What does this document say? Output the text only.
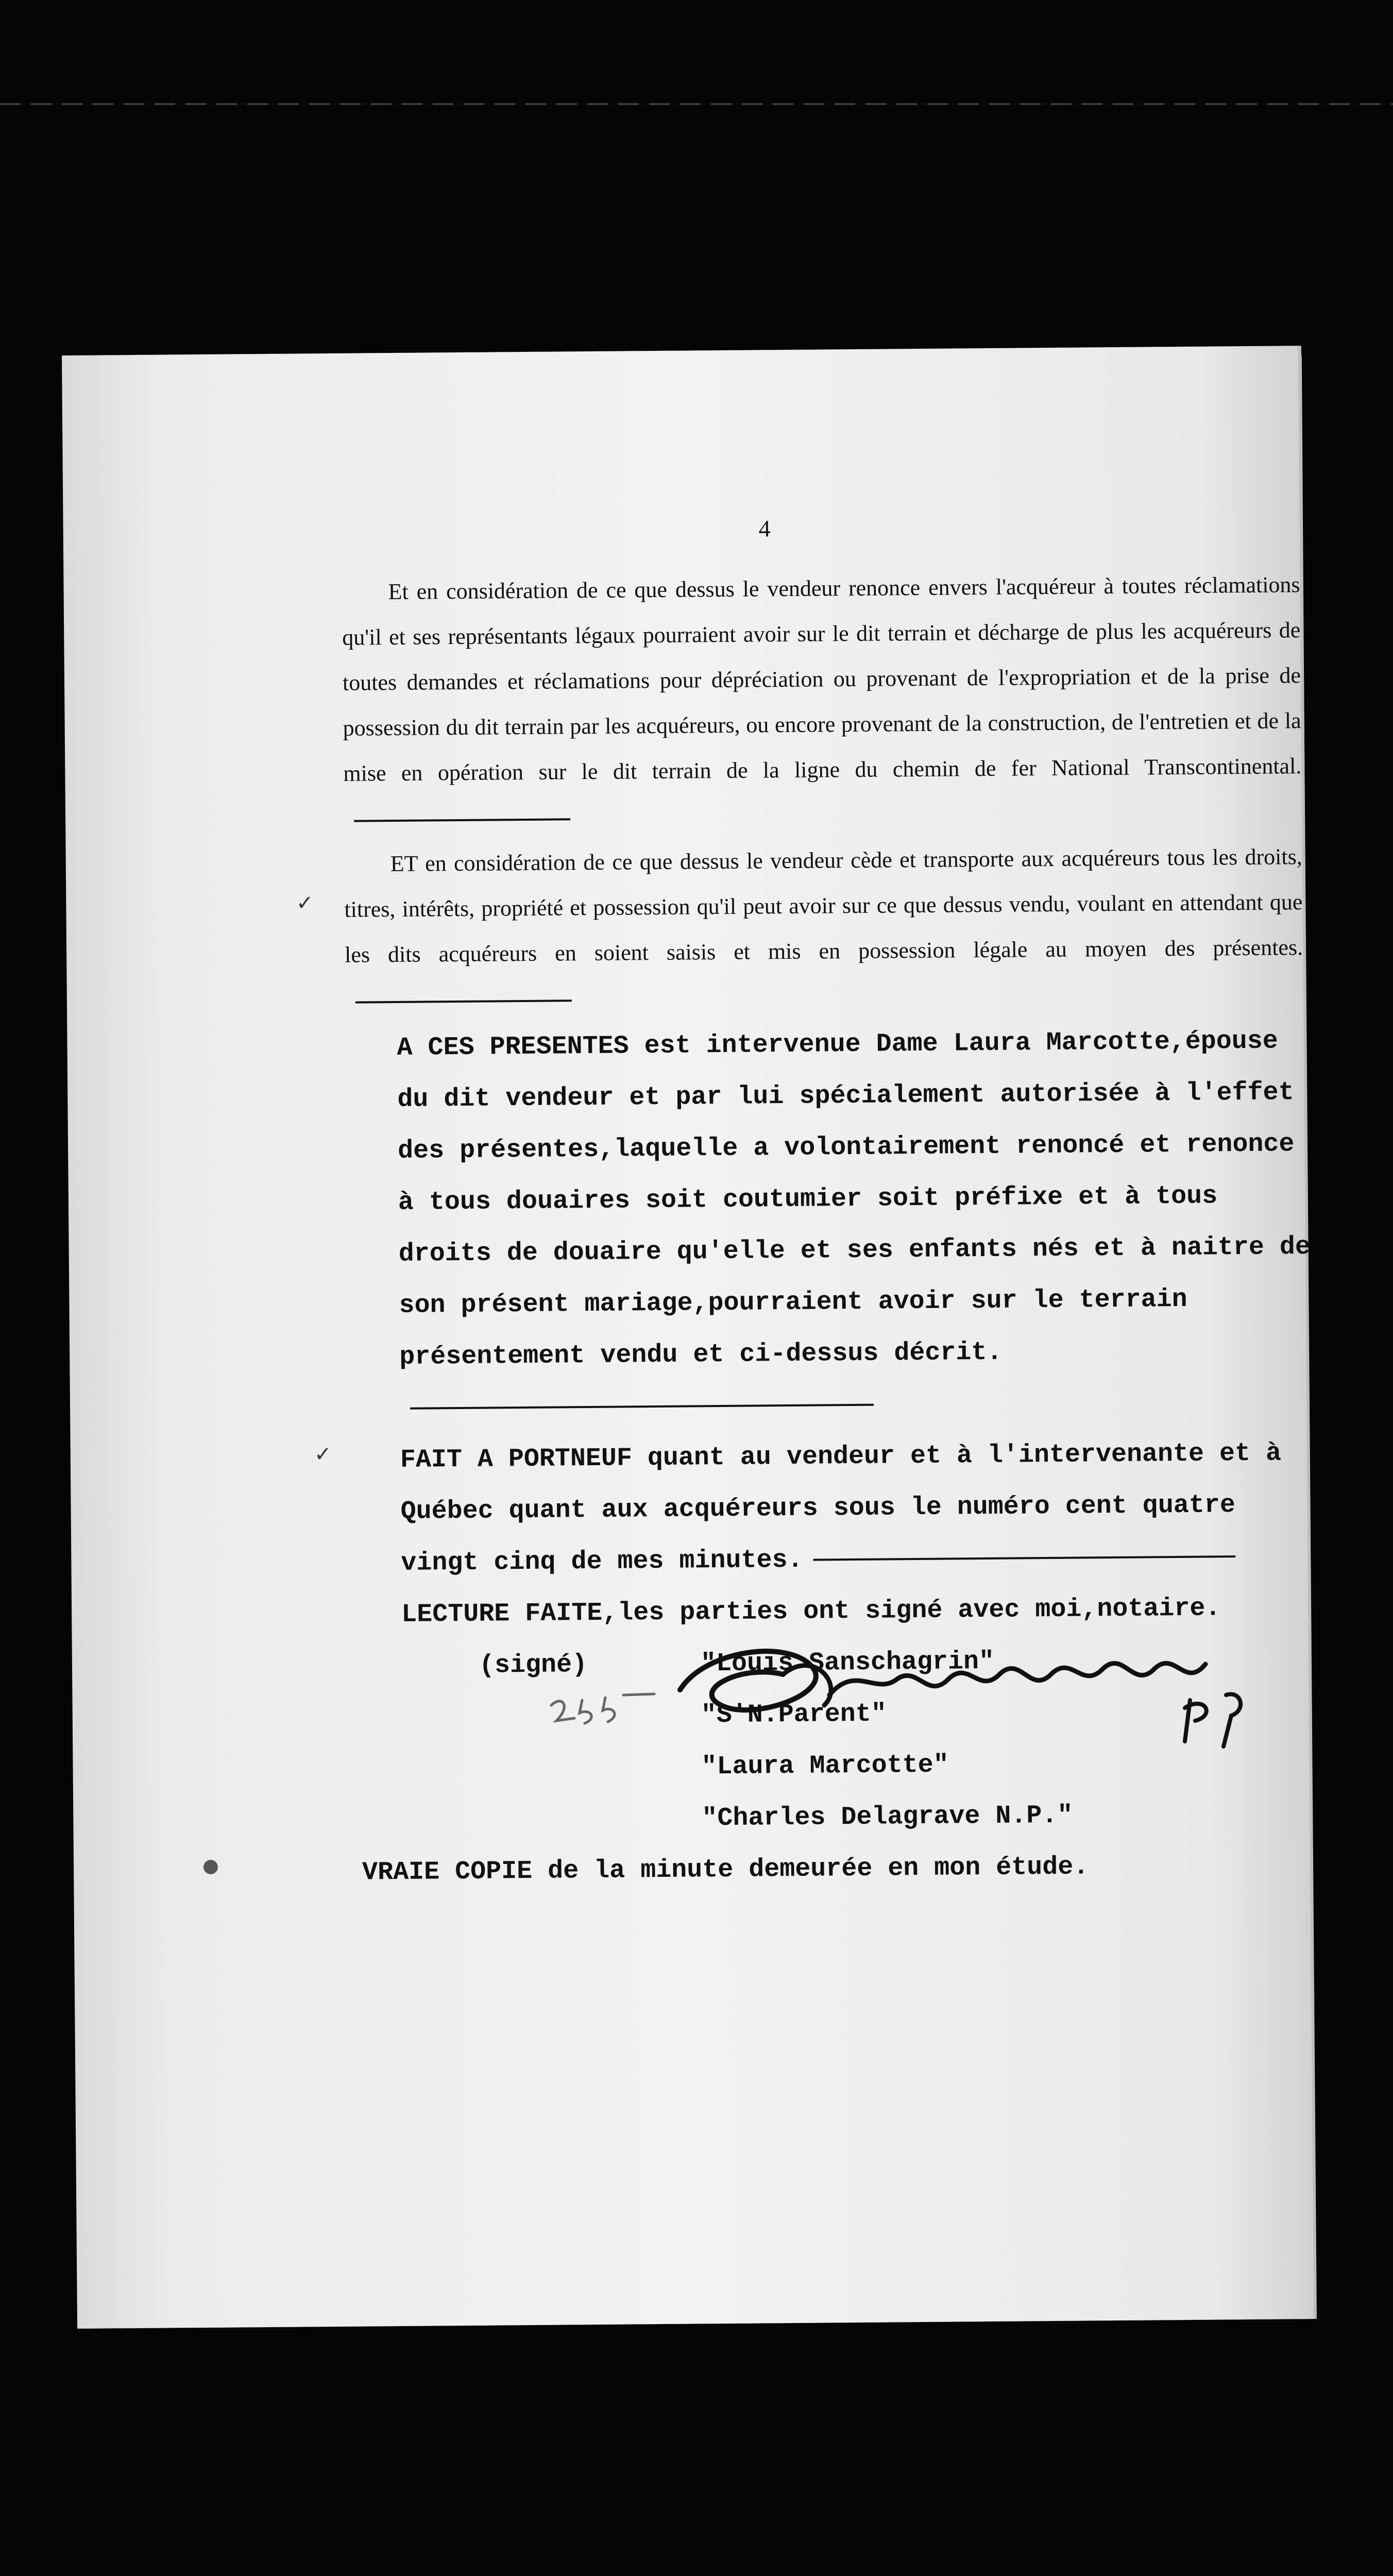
4

Et en considération de ce que dessus le vendeur renonce envers l'acquéreur à toutes réclamations qu'il et ses représentants légaux pourraient avoir sur le dit terrain et décharge de plus les acquéreurs de toutes demandes et réclamations pour dépréciation ou provenant de l'expropriation et de la prise de possession du dit terrain par les acquéreurs, ou encore provenant de la construction, de l'entretien et de la mise en opération sur le dit terrain de la ligne du chemin de fer National Transcontinental.

ET en considération de ce que dessus le vendeur cède et transporte aux acquéreurs tous les droits, titres, intérêts, propriété et possession qu'il peut avoir sur ce que dessus vendu, voulant en attendant que les dits acquéreurs en soient saisis et mis en possession légale au moyen des présentes.

A CES PRESENTES est intervenue Dame Laura Marcotte,épouse du dit vendeur et par lui spécialement autorisée à l'effet des présentes,laquelle a volontairement renoncé et renonce à tous douaires soit coutumier soit préfixe et à tous droits de douaire qu'elle et ses enfants nés et à naitre de son présent mariage,pourraient avoir sur le terrain présentement vendu et ci-dessus décrit.

FAIT A PORTNEUF quant au vendeur et à l'intervenante et à Québec quant aux acquéreurs sous le numéro cent quatre vingt cinq de mes minutes.

LECTURE FAITE,les parties ont signé avec moi,notaire.

(signé)	"Louis Sanschagrin"
"S'N.Parent"
"Laura Marcotte"
"Charles Delagrave N.P."

VRAIE COPIE de la minute demeurée en mon étude.

✓
✓
